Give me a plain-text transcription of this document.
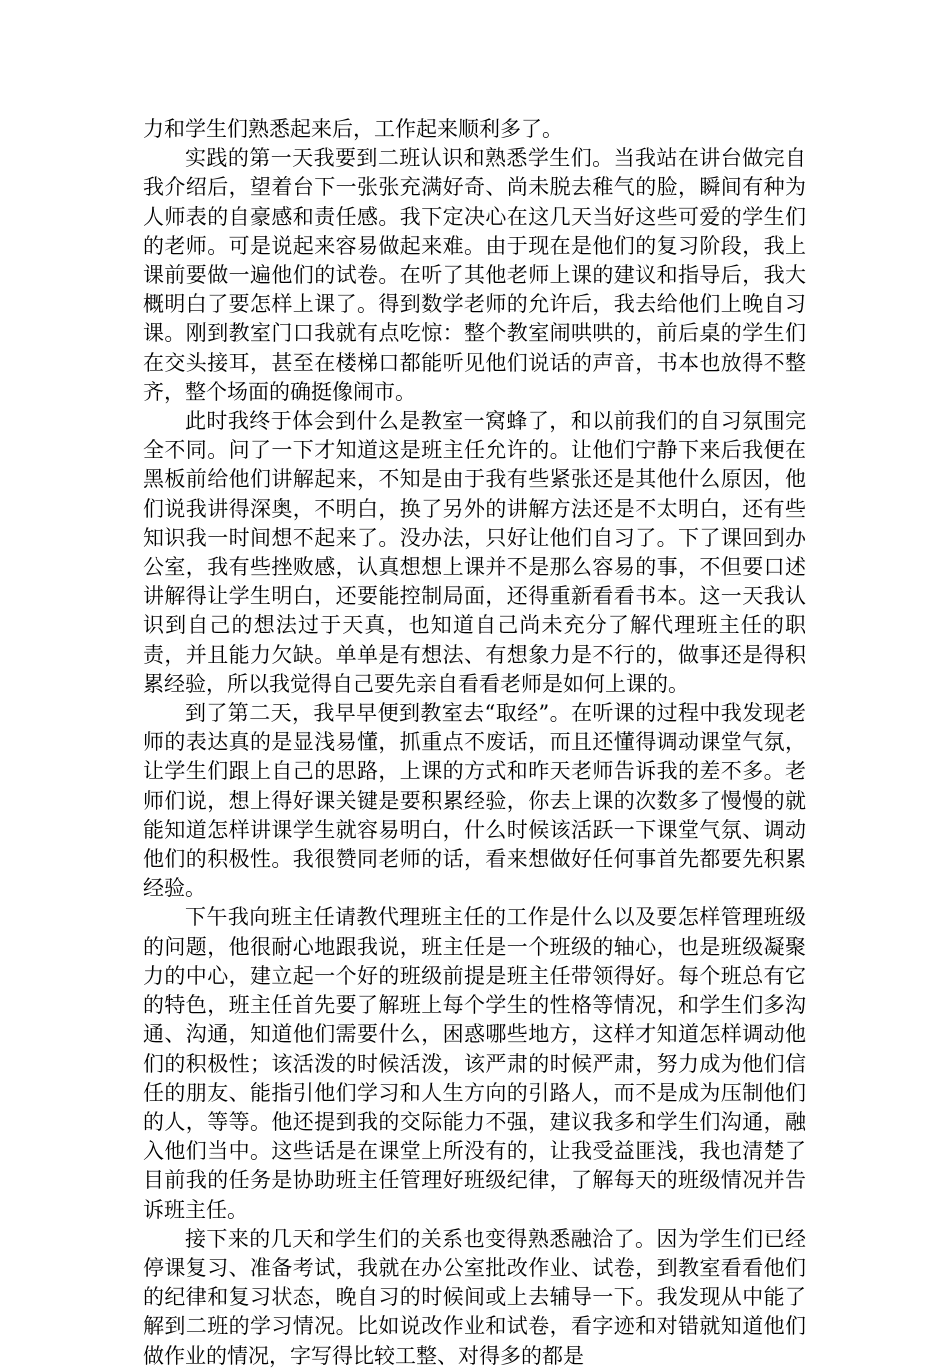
力和学生们熟悉起来后，工作起来顺利多了。

实践的第一天我要到二班认识和熟悉学生们。当我站在讲台做完自我介绍后，望着台下一张张充满好奇、尚未脱去稚气的脸，瞬间有种为人师表的自豪感和责任感。我下定决心在这几天当好这些可爱的学生们的老师。可是说起来容易做起来难。由于现在是他们的复习阶段，我上课前要做一遍他们的试卷。在听了其他老师上课的建议和指导后，我大概明白了要怎样上课了。得到数学老师的允许后，我去给他们上晚自习课。刚到教室门口我就有点吃惊：整个教室闹哄哄的，前后桌的学生们在交头接耳，甚至在楼梯口都能听见他们说话的声音，书本也放得不整齐，整个场面的确挺像闹市。

此时我终于体会到什么是教室一窝蜂了，和以前我们的自习氛围完全不同。问了一下才知道这是班主任允许的。让他们宁静下来后我便在黑板前给他们讲解起来，不知是由于我有些紧张还是其他什么原因，他们说我讲得深奥，不明白，换了另外的讲解方法还是不太明白，还有些知识我一时间想不起来了。没办法，只好让他们自习了。下了课回到办公室，我有些挫败感，认真想想上课并不是那么容易的事，不但要口述讲解得让学生明白，还要能控制局面，还得重新看看书本。这一天我认识到自己的想法过于天真，也知道自己尚未充分了解代理班主任的职责，并且能力欠缺。单单是有想法、有想象力是不行的，做事还是得积累经验，所以我觉得自己要先亲自看看老师是如何上课的。

到了第二天，我早早便到教室去“取经”。在听课的过程中我发现老师的表达真的是显浅易懂，抓重点不废话，而且还懂得调动课堂气氛，让学生们跟上自己的思路，上课的方式和昨天老师告诉我的差不多。老师们说，想上得好课关键是要积累经验，你去上课的次数多了慢慢的就能知道怎样讲课学生就容易明白，什么时候该活跃一下课堂气氛、调动他们的积极性。我很赞同老师的话，看来想做好任何事首先都要先积累经验。

下午我向班主任请教代理班主任的工作是什么以及要怎样管理班级的问题，他很耐心地跟我说，班主任是一个班级的轴心，也是班级凝聚力的中心，建立起一个好的班级前提是班主任带领得好。每个班总有它的特色，班主任首先要了解班上每个学生的性格等情况，和学生们多沟通、沟通，知道他们需要什么，困惑哪些地方，这样才知道怎样调动他们的积极性；该活泼的时候活泼，该严肃的时候严肃，努力成为他们信任的朋友、能指引他们学习和人生方向的引路人，而不是成为压制他们的人，等等。他还提到我的交际能力不强，建议我多和学生们沟通，融入他们当中。这些话是在课堂上所没有的，让我受益匪浅，我也清楚了目前我的任务是协助班主任管理好班级纪律，了解每天的班级情况并告诉班主任。

接下来的几天和学生们的关系也变得熟悉融洽了。因为学生们已经停课复习、准备考试，我就在办公室批改作业、试卷，到教室看看他们的纪律和复习状态，晚自习的时候间或上去辅导一下。我发现从中能了解到二班的学习情况。比如说改作业和试卷，看字迹和对错就知道他们做作业的情况，字写得比较工整、对得多的都是
